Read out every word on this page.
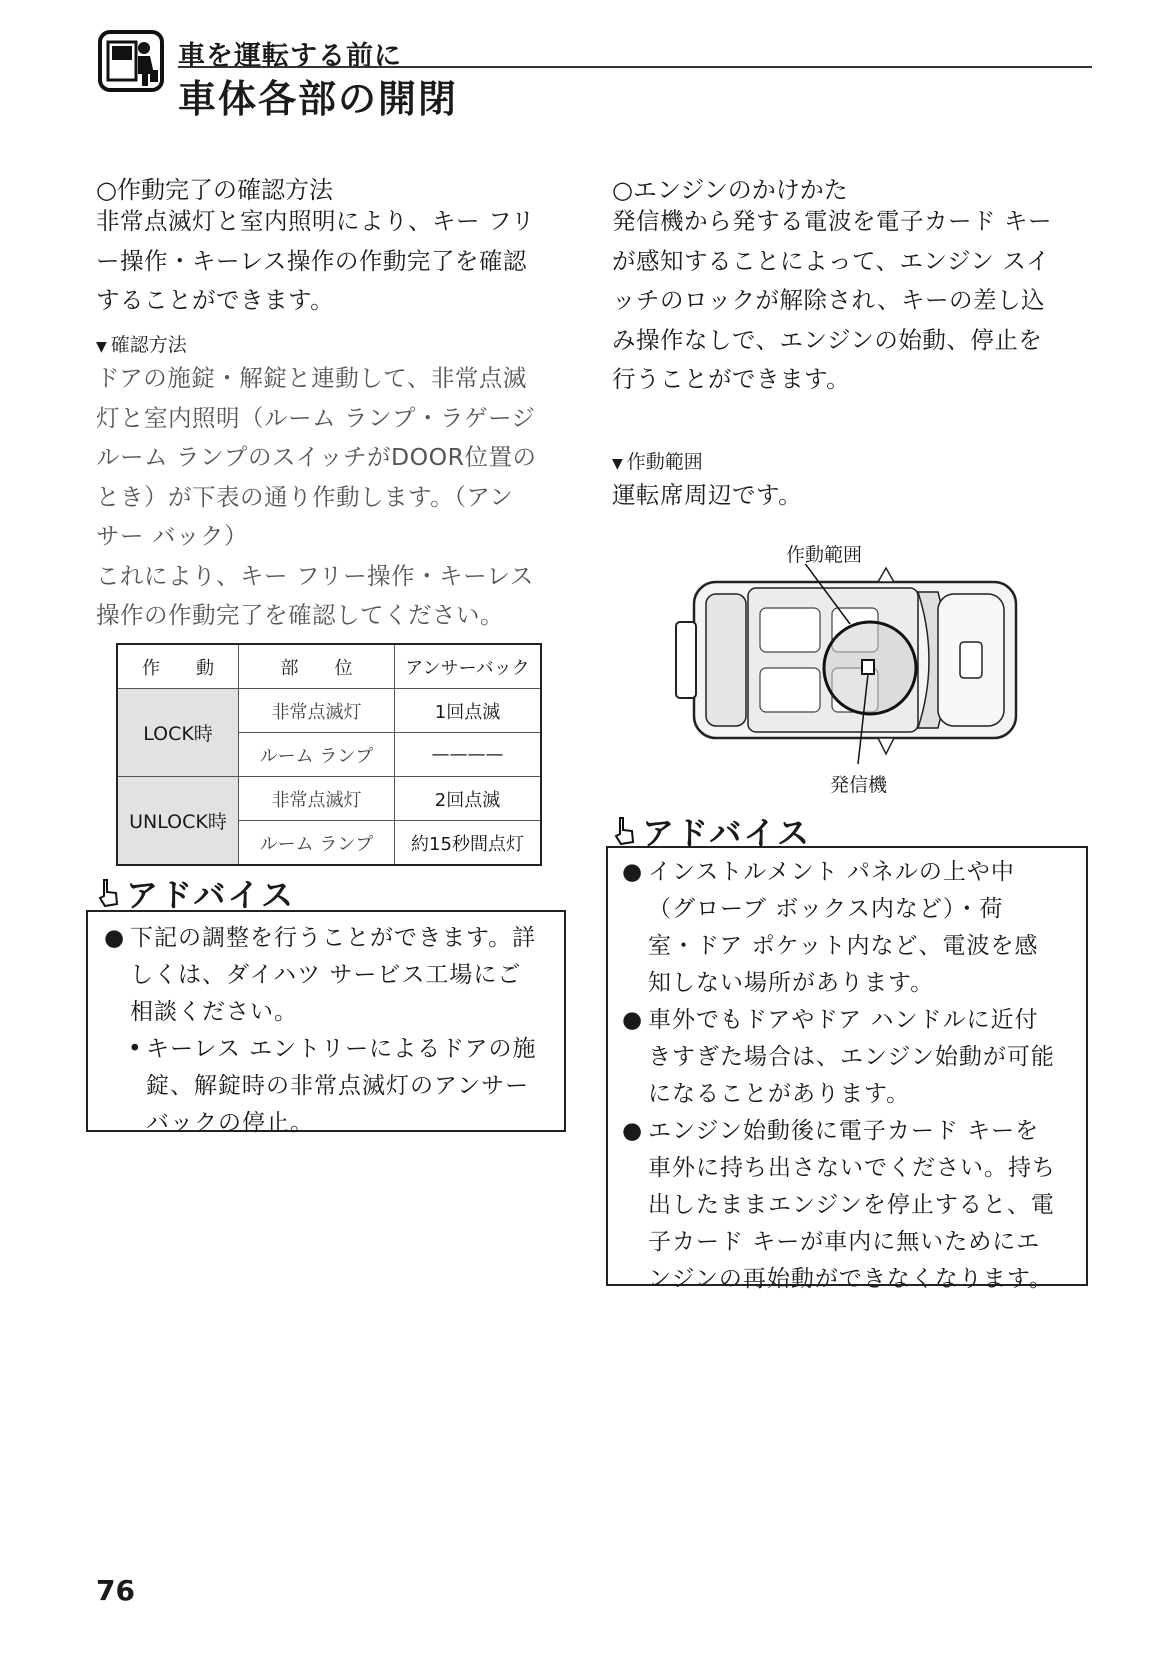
車を運転する前に
車体各部の開閉
○作動完了の確認方法
非常点滅灯と室内照明により、キー フリ
ー操作・キーレス操作の作動完了を確認
することができます。
▼ 確認方法
ドアの施錠・解錠と連動して、非常点滅
灯と室内照明（ルーム ランプ・ラゲージ
ルーム ランプのスイッチがDOOR位置の
とき）が下表の通り作動します。（アン
サー バック）
これにより、キー フリー操作・キーレス
操作の作動完了を確認してください。
作　　動	部　　位	アンサーバック
LOCK時	非常点滅灯	1回点滅
	ルーム ランプ	————
UNLOCK時	非常点滅灯	2回点滅
	ルーム ランプ	約15秒間点灯
アドバイス
● 下記の調整を行うことができます。詳
しくは、ダイハツ サービス工場にご
相談ください。
• キーレス エントリーによるドアの施
錠、解錠時の非常点滅灯のアンサー
バックの停止。
○エンジンのかけかた
発信機から発する電波を電子カード キー
が感知することによって、エンジン スイ
ッチのロックが解除され、キーの差し込
み操作なしで、エンジンの始動、停止を
行うことができます。
▼ 作動範囲
運転席周辺です。
作動範囲
発信機
アドバイス
● インストルメント パネルの上や中
（グローブ ボックス内など）・荷
室・ドア ポケット内など、電波を感
知しない場所があります。
● 車外でもドアやドア ハンドルに近付
きすぎた場合は、エンジン始動が可能
になることがあります。
● エンジン始動後に電子カード キーを
車外に持ち出さないでください。持ち
出したままエンジンを停止すると、電
子カード キーが車内に無いためにエ
ンジンの再始動ができなくなります。
76
